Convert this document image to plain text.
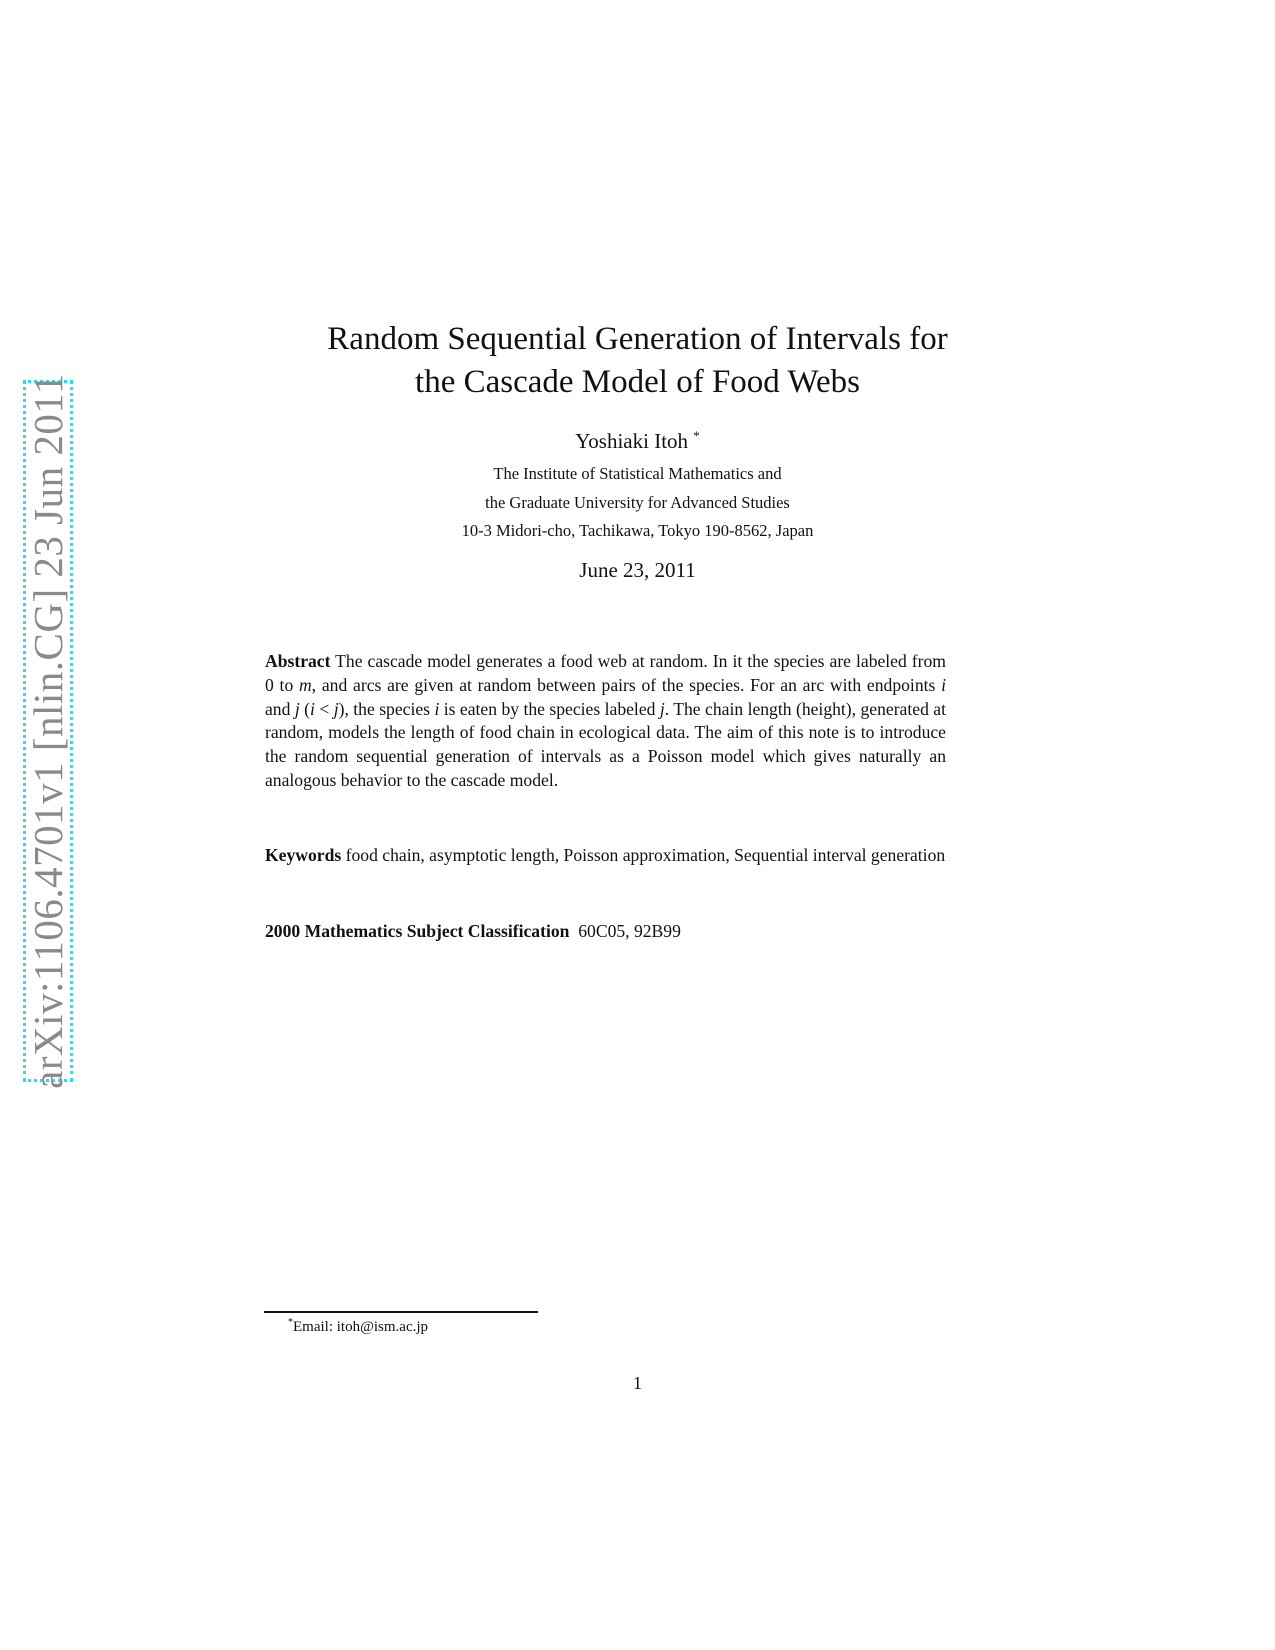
arXiv:1106.4701v1 [nlin.CG] 23 Jun 2011
Random Sequential Generation of Intervals for
the Cascade Model of Food Webs
Yoshiaki Itoh *
The Institute of Statistical Mathematics and
the Graduate University for Advanced Studies
10-3 Midori-cho, Tachikawa, Tokyo 190-8562, Japan
June 23, 2011
Abstract The cascade model generates a food web at random. In it the species are labeled from 0 to m, and arcs are given at random between pairs of the species. For an arc with endpoints i and j (i < j), the species i is eaten by the species labeled j. The chain length (height), generated at random, models the length of food chain in ecological data. The aim of this note is to introduce the random sequential generation of intervals as a Poisson model which gives naturally an analogous behavior to the cascade model.
Keywords food chain, asymptotic length, Poisson approximation, Sequential interval generation
2000 Mathematics Subject Classification 60C05, 92B99
*Email: itoh@ism.ac.jp
1
